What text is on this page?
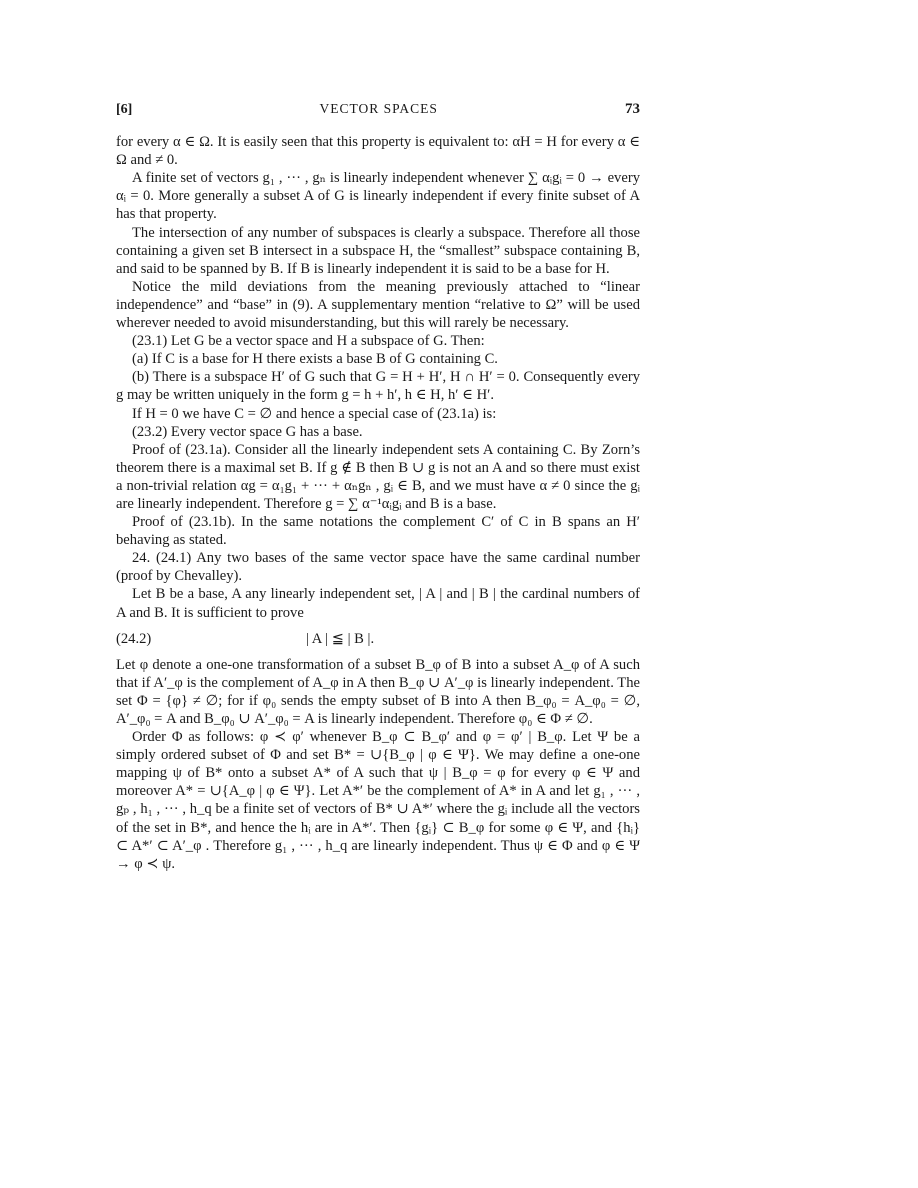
[6]	VECTOR SPACES	73

for every α ∈ Ω. It is easily seen that this property is equivalent to: αH = H for every α ∈ Ω and ≠ 0.

A finite set of vectors g₁ , ··· , gₙ is linearly independent whenever ∑ αᵢgᵢ = 0 → every αᵢ = 0. More generally a subset A of G is linearly independent if every finite subset of A has that property.

The intersection of any number of subspaces is clearly a subspace. Therefore all those containing a given set B intersect in a subspace H, the “smallest” subspace containing B, and said to be spanned by B. If B is linearly independent it is said to be a base for H.

Notice the mild deviations from the meaning previously attached to “linear independence” and “base” in (9). A supplementary mention “relative to Ω” will be used wherever needed to avoid misunderstanding, but this will rarely be necessary.

(23.1) Let G be a vector space and H a subspace of G. Then:

(a) If C is a base for H there exists a base B of G containing C.

(b) There is a subspace H′ of G such that G = H + H′, H ∩ H′ = 0. Consequently every g may be written uniquely in the form g = h + h′, h ∈ H, h′ ∈ H′.

If H = 0 we have C = ∅ and hence a special case of (23.1a) is:

(23.2) Every vector space G has a base.

Proof of (23.1a). Consider all the linearly independent sets A containing C. By Zorn’s theorem there is a maximal set B. If g ∉ B then B ∪ g is not an A and so there must exist a non-trivial relation αg = α₁g₁ + ··· + αₙgₙ , gᵢ ∈ B, and we must have α ≠ 0 since the gᵢ are linearly independent. Therefore g = ∑ α⁻¹αᵢgᵢ and B is a base.

Proof of (23.1b). In the same notations the complement C′ of C in B spans an H′ behaving as stated.

24. (24.1) Any two bases of the same vector space have the same cardinal number (proof by Chevalley).

Let B be a base, A any linearly independent set, | A | and | B | the cardinal numbers of A and B. It is sufficient to prove

(24.2)	| A | ≦ | B |.

Let φ denote a one-one transformation of a subset B_φ of B into a subset A_φ of A such that if A′_φ is the complement of A_φ in A then B_φ ∪ A′_φ is linearly independent. The set Φ = {φ} ≠ ∅; for if φ₀ sends the empty subset of B into A then B_φ₀ = A_φ₀ = ∅, A′_φ₀ = A and B_φ₀ ∪ A′_φ₀ = A is linearly independent. Therefore φ₀ ∈ Φ ≠ ∅.

Order Φ as follows: φ ≺ φ′ whenever B_φ ⊂ B_φ′ and φ = φ′ | B_φ. Let Ψ be a simply ordered subset of Φ and set B* = ∪{B_φ | φ ∈ Ψ}. We may define a one-one mapping ψ of B* onto a subset A* of A such that ψ | B_φ = φ for every φ ∈ Ψ and moreover A* = ∪{A_φ | φ ∈ Ψ}. Let A*′ be the complement of A* in A and let g₁ , ··· , gₚ , h₁ , ··· , h_q be a finite set of vectors of B* ∪ A*′ where the gᵢ include all the vectors of the set in B*, and hence the hᵢ are in A*′. Then {gᵢ} ⊂ B_φ for some φ ∈ Ψ, and {hᵢ} ⊂ A*′ ⊂ A′_φ . Therefore g₁ , ··· , h_q are linearly independent. Thus ψ ∈ Φ and φ ∈ Ψ → φ ≺ ψ.
